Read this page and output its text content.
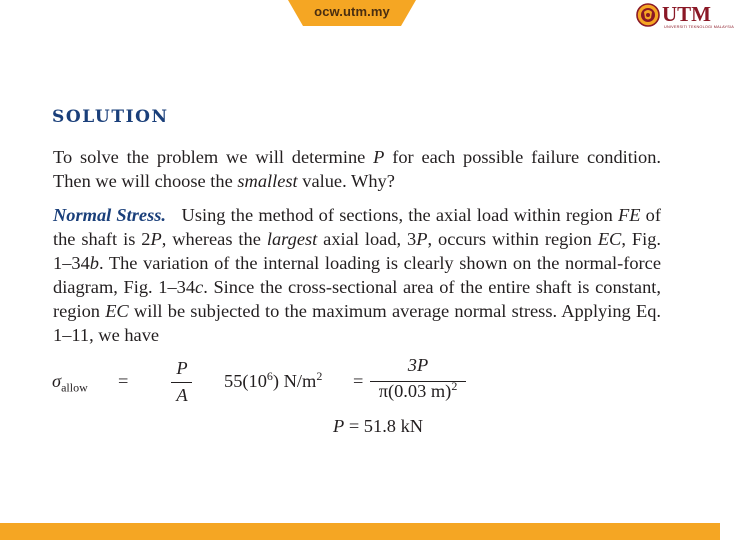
ocw.utm.my	UTM
UNIVERSITI TEKNOLOGI MALAYSIA
SOLUTION
To solve the problem we will determine P for each possible failure condition. Then we will choose the smallest value. Why?
Normal Stress.   Using the method of sections, the axial load within region FE of the shaft is 2P, whereas the largest axial load, 3P, occurs within region EC, Fig. 1–34b. The variation of the internal loading is clearly shown on the normal-force diagram, Fig. 1–34c. Since the cross-sectional area of the entire shaft is constant, region EC will be subjected to the maximum average normal stress. Applying Eq. 1–11, we have
$\sigma_{allow}$ =
P
A
$55(10^6) N/m^2$ =
3P
π(0.03 m)$^2$
P = 51.8 kN
